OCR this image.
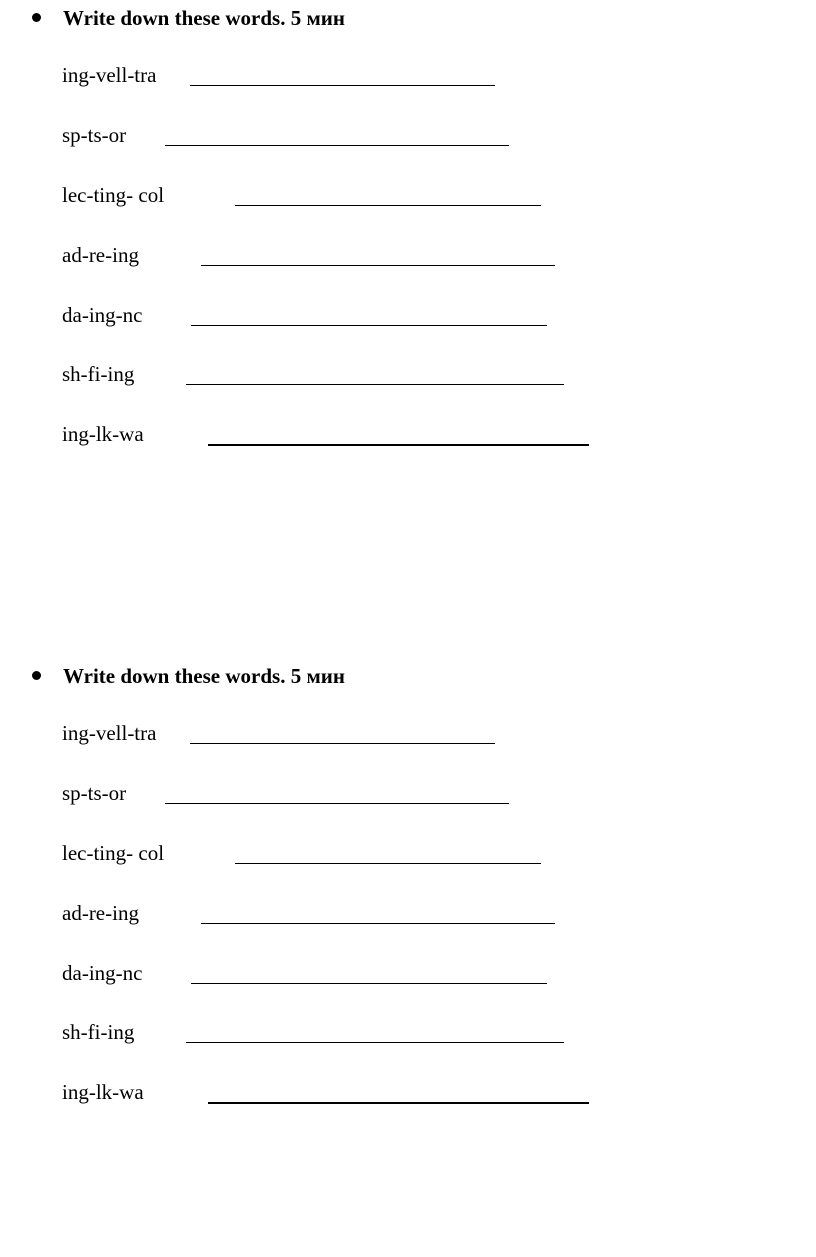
Write down these words. 5 мин
ing-vell-tra
sp-ts-or
lec-ting- col
ad-re-ing
da-ing-nc
sh-fi-ing
ing-lk-wa
Write down these words. 5 мин
ing-vell-tra
sp-ts-or
lec-ting- col
ad-re-ing
da-ing-nc
sh-fi-ing
ing-lk-wa
